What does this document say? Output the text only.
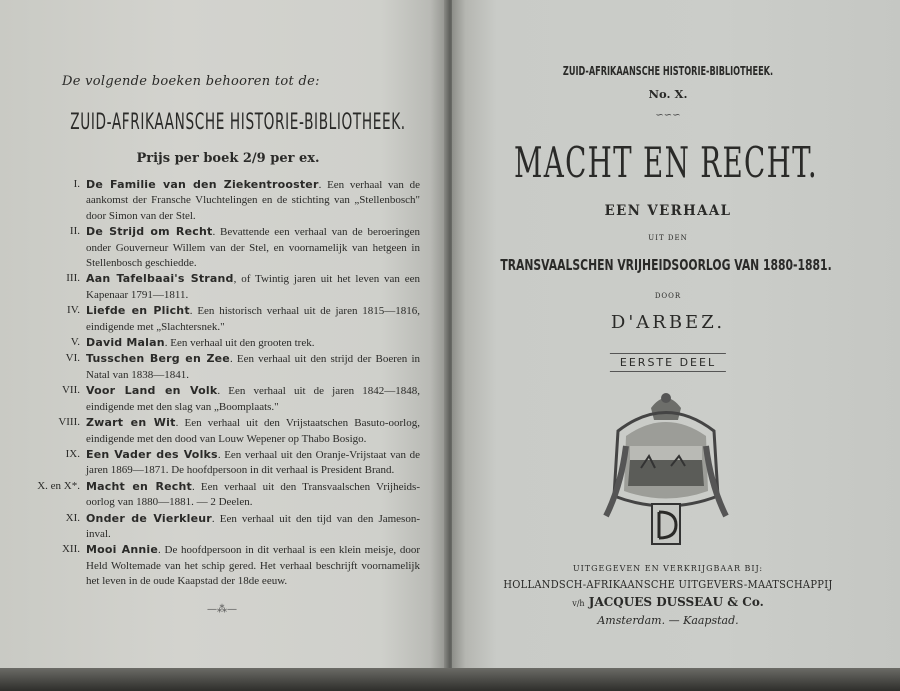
De volgende boeken behooren tot de:
ZUID-AFRIKAANSCHE HISTORIE-BIBLIOTHEEK.
Prijs per boek 2/9 per ex.
I. De Familie van den Ziekentrooster. Een verhaal van de aankomst der Fransche Vluchtelingen en de stichting van „Stellenbosch" door Simon van der Stel.
II. De Strijd om Recht. Bevattende een verhaal van de beroeringen onder Gouverneur Willem van der Stel, en voornamelijk van hetgeen in Stellenbosch geschiedde.
III. Aan Tafelbaai's Strand, of Twintig jaren uit het leven van een Kapenaar 1791—1811.
IV. Liefde en Plicht. Een historisch verhaal uit de jaren 1815—1816, eindigende met „Slachtersnek."
V. David Malan. Een verhaal uit den grooten trek.
VI. Tusschen Berg en Zee. Een verhaal uit den strijd der Boeren in Natal van 1838—1841.
VII. Voor Land en Volk. Een verhaal uit de jaren 1842—1848, eindigende met den slag van „Boomplaats."
VIII. Zwart en Wit. Een verhaal uit den Vrijstaatschen Basuto-oorlog, eindigende met den dood van Louw Wepener op Thabo Bosigo.
IX. Een Vader des Volks. Een verhaal uit den Oranje-Vrijstaat van de jaren 1869—1871. De hoofdpersoon in dit verhaal is President Brand.
X. en X*. Macht en Recht. Een verhaal uit den Transvaalschen Vrijheids-oorlog van 1880—1881. — 2 Deelen.
XI. Onder de Vierkleur. Een verhaal uit den tijd van den Jameson-inval.
XII. Mooi Annie. De hoofdpersoon in dit verhaal is een klein meisje, door Held Woltemade van het schip gered. Het verhaal beschrijft voornamelijk het leven in de oude Kaapstad der 18de eeuw.
—⁂—
ZUID-AFRIKAANSCHE HISTORIE-BIBLIOTHEEK.
No. X.
∽∽∽
MACHT EN RECHT.
EEN VERHAAL
UIT DEN
TRANSVAALSCHEN VRIJHEIDSOORLOG VAN 1880-1881.
DOOR
D'ARBEZ.
EERSTE DEEL
UITGEGEVEN EN VERKRIJGBAAR BIJ:
HOLLANDSCH-AFRIKAANSCHE UITGEVERS-MAATSCHAPPIJ
v/h JACQUES DUSSEAU & Co.
Amsterdam. — Kaapstad.
